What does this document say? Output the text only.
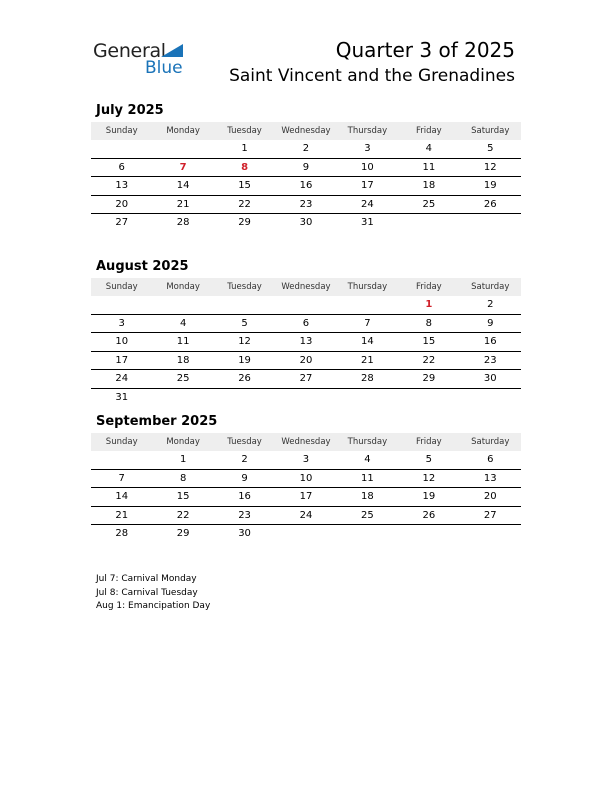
General
Blue
Quarter 3 of 2025
Saint Vincent and the Grenadines
July 2025
Sunday	Monday	Tuesday	Wednesday	Thursday	Friday	Saturday
		1	2	3	4	5
6	7	8	9	10	11	12
13	14	15	16	17	18	19
20	21	22	23	24	25	26
27	28	29	30	31		
August 2025
Sunday	Monday	Tuesday	Wednesday	Thursday	Friday	Saturday
					1	2
3	4	5	6	7	8	9
10	11	12	13	14	15	16
17	18	19	20	21	22	23
24	25	26	27	28	29	30
31						
September 2025
Sunday	Monday	Tuesday	Wednesday	Thursday	Friday	Saturday
	1	2	3	4	5	6
7	8	9	10	11	12	13
14	15	16	17	18	19	20
21	22	23	24	25	26	27
28	29	30				
Jul 7: Carnival Monday
Jul 8: Carnival Tuesday
Aug 1: Emancipation Day
